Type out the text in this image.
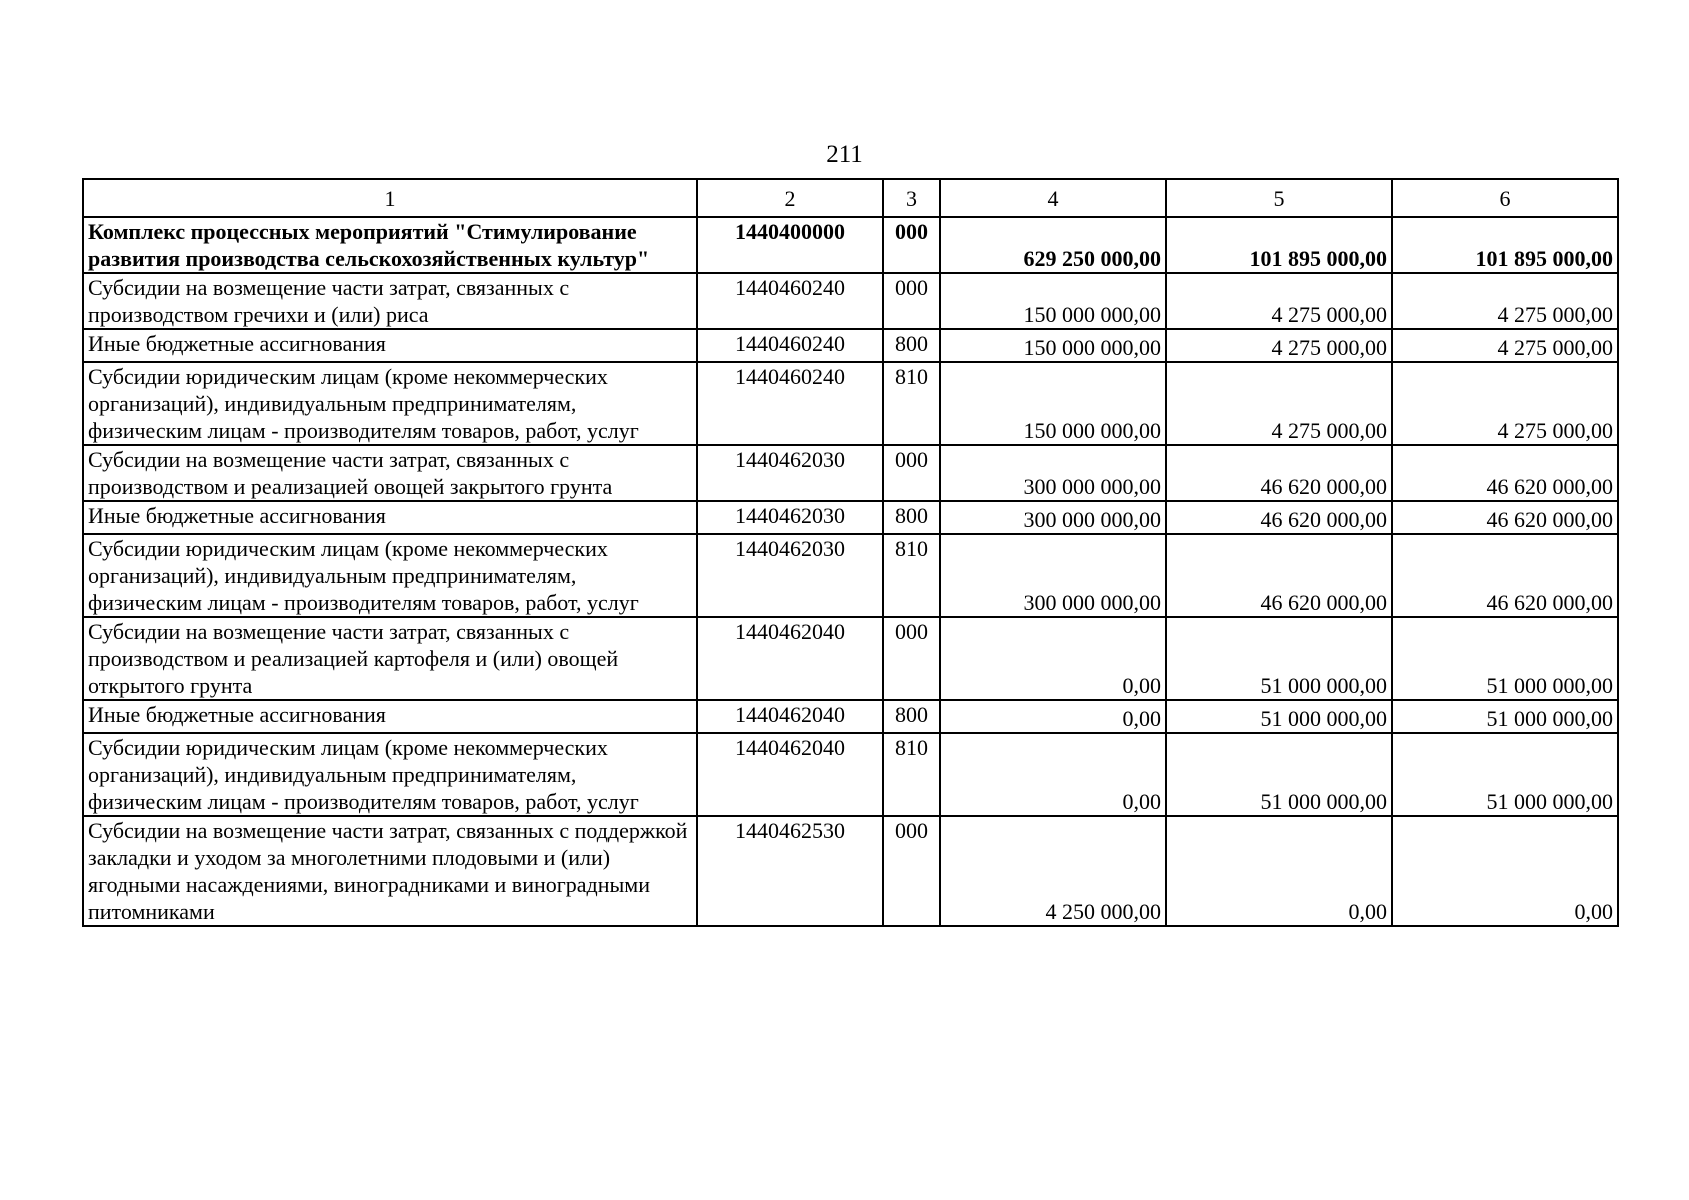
211
1	2	3	4	5	6
Комплекс процессных мероприятий "Стимулирование развития производства сельскохозяйственных культур"	1440400000	000	629 250 000,00	101 895 000,00	101 895 000,00
Субсидии на возмещение части затрат, связанных с производством гречихи и (или) риса	1440460240	000	150 000 000,00	4 275 000,00	4 275 000,00
Иные бюджетные ассигнования	1440460240	800	150 000 000,00	4 275 000,00	4 275 000,00
Субсидии юридическим лицам (кроме некоммерческих организаций), индивидуальным предпринимателям, физическим лицам - производителям товаров, работ, услуг	1440460240	810	150 000 000,00	4 275 000,00	4 275 000,00
Субсидии на возмещение части затрат, связанных с производством и реализацией овощей закрытого грунта	1440462030	000	300 000 000,00	46 620 000,00	46 620 000,00
Иные бюджетные ассигнования	1440462030	800	300 000 000,00	46 620 000,00	46 620 000,00
Субсидии юридическим лицам (кроме некоммерческих организаций), индивидуальным предпринимателям, физическим лицам - производителям товаров, работ, услуг	1440462030	810	300 000 000,00	46 620 000,00	46 620 000,00
Субсидии на возмещение части затрат, связанных с производством и реализацией картофеля и (или) овощей открытого грунта	1440462040	000	0,00	51 000 000,00	51 000 000,00
Иные бюджетные ассигнования	1440462040	800	0,00	51 000 000,00	51 000 000,00
Субсидии юридическим лицам (кроме некоммерческих организаций), индивидуальным предпринимателям, физическим лицам - производителям товаров, работ, услуг	1440462040	810	0,00	51 000 000,00	51 000 000,00
Субсидии на возмещение части затрат, связанных с поддержкой закладки и уходом за многолетними плодовыми и (или) ягодными насаждениями, виноградниками и виноградными питомниками	1440462530	000	4 250 000,00	0,00	0,00
